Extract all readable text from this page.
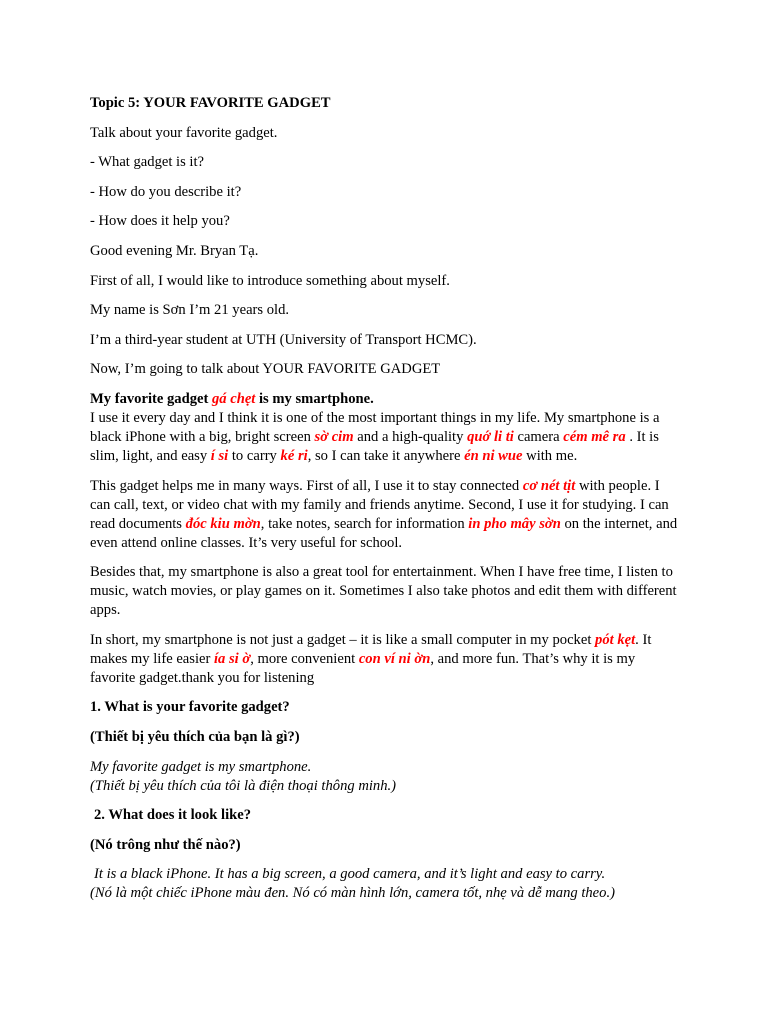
Topic 5: YOUR FAVORITE GADGET

Talk about your favorite gadget.

- What gadget is it?

- How do you describe it?

- How does it help you?

Good evening Mr. Bryan Tạ.

First of all, I would like to introduce something about myself.

My name is Sơn I’m 21 years old.

I’m a third-year student at UTH (University of Transport HCMC).

Now, I’m going to talk about YOUR FAVORITE GADGET

My favorite gadget gá chẹt is my smartphone.

I use it every day and I think it is one of the most important things in my life. My smartphone is a black iPhone with a big, bright screen sờ cim and a high-quality quớ li ti camera cém mê ra . It is slim, light, and easy í si to carry ké ri, so I can take it anywhere én ni wue with me.

This gadget helps me in many ways. First of all, I use it to stay connected cơ nét tịt with people. I can call, text, or video chat with my family and friends anytime. Second, I use it for studying. I can read documents đóc kiu mờn, take notes, search for information in pho mây sờn on the internet, and even attend online classes. It’s very useful for school.

Besides that, my smartphone is also a great tool for entertainment. When I have free time, I listen to music, watch movies, or play games on it. Sometimes I also take photos and edit them with different apps.

In short, my smartphone is not just a gadget – it is like a small computer in my pocket pót kẹt. It makes my life easier ía si ờ, more convenient con ví ni ờn, and more fun. That’s why it is my favorite gadget.thank you for listening

1. What is your favorite gadget?

(Thiết bị yêu thích của bạn là gì?)

My favorite gadget is my smartphone.

(Thiết bị yêu thích của tôi là điện thoại thông minh.)

2. What does it look like?

(Nó trông như thế nào?)

It is a black iPhone. It has a big screen, a good camera, and it’s light and easy to carry.

(Nó là một chiếc iPhone màu đen. Nó có màn hình lớn, camera tốt, nhẹ và dễ mang theo.)
